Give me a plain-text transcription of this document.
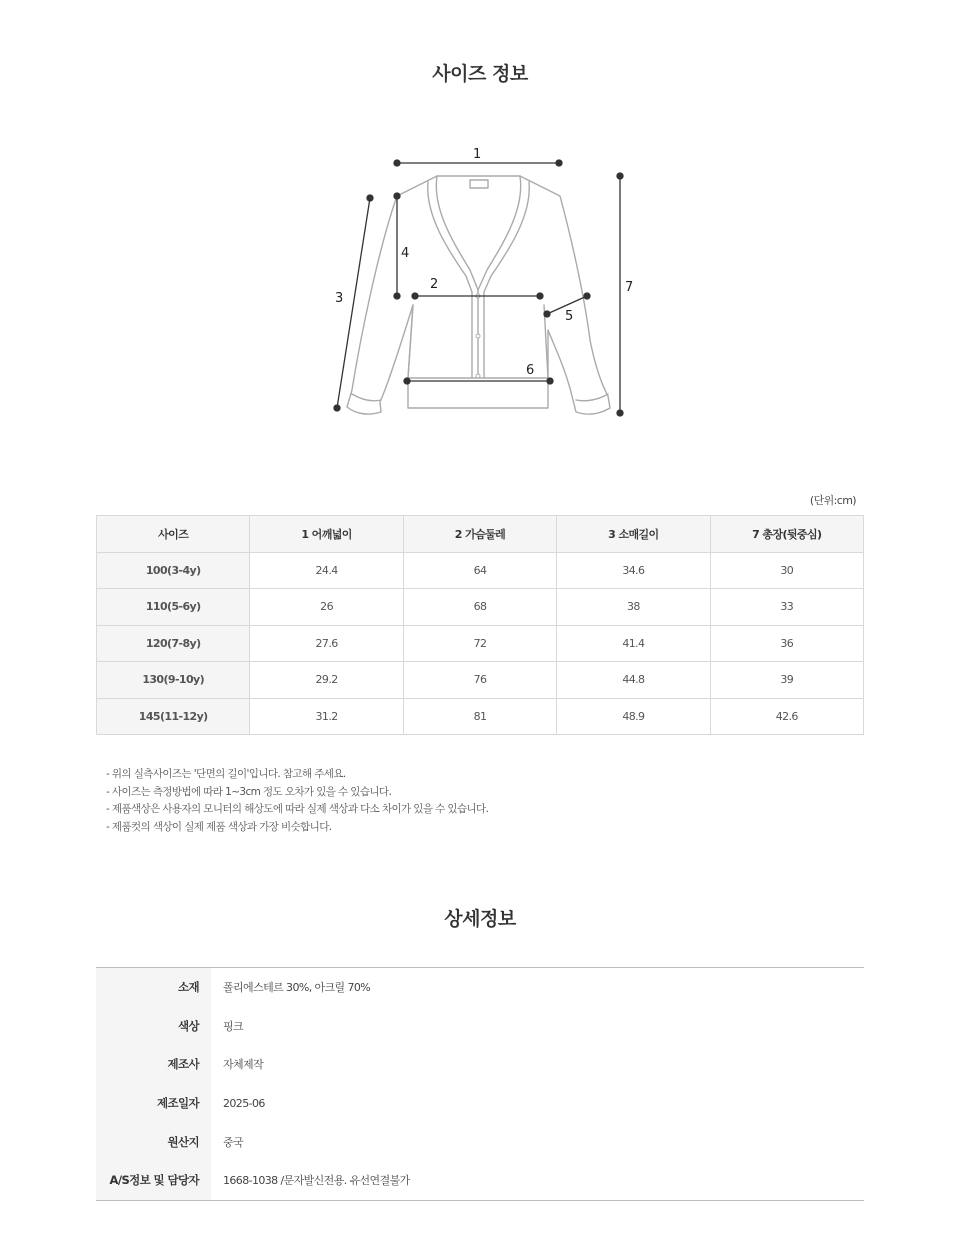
사이즈 정보
1
2
3
4
5
6
7
(단위:cm)
사이즈	1 어깨넓이	2 가슴둘레	3 소매길이	7 총장(뒷중심)
100(3-4y)	24.4	64	34.6	30
110(5-6y)	26	68	38	33
120(7-8y)	27.6	72	41.4	36
130(9-10y)	29.2	76	44.8	39
145(11-12y)	31.2	81	48.9	42.6
- 위의 실측사이즈는 '단면의 길이'입니다. 참고해 주세요.
- 사이즈는 측정방법에 따라 1~3cm 정도 오차가 있을 수 있습니다.
- 제품색상은 사용자의 모니터의 해상도에 따라 실제 색상과 다소 차이가 있을 수 있습니다.
- 제품컷의 색상이 실제 제품 색상과 가장 비슷합니다.
상세정보
소재	폴리에스테르 30%, 아크릴 70%
색상	핑크
제조사	자체제작
제조일자	2025-06
원산지	중국
A/S정보 및 담당자	1668-1038 /문자발신전용. 유선연결불가
